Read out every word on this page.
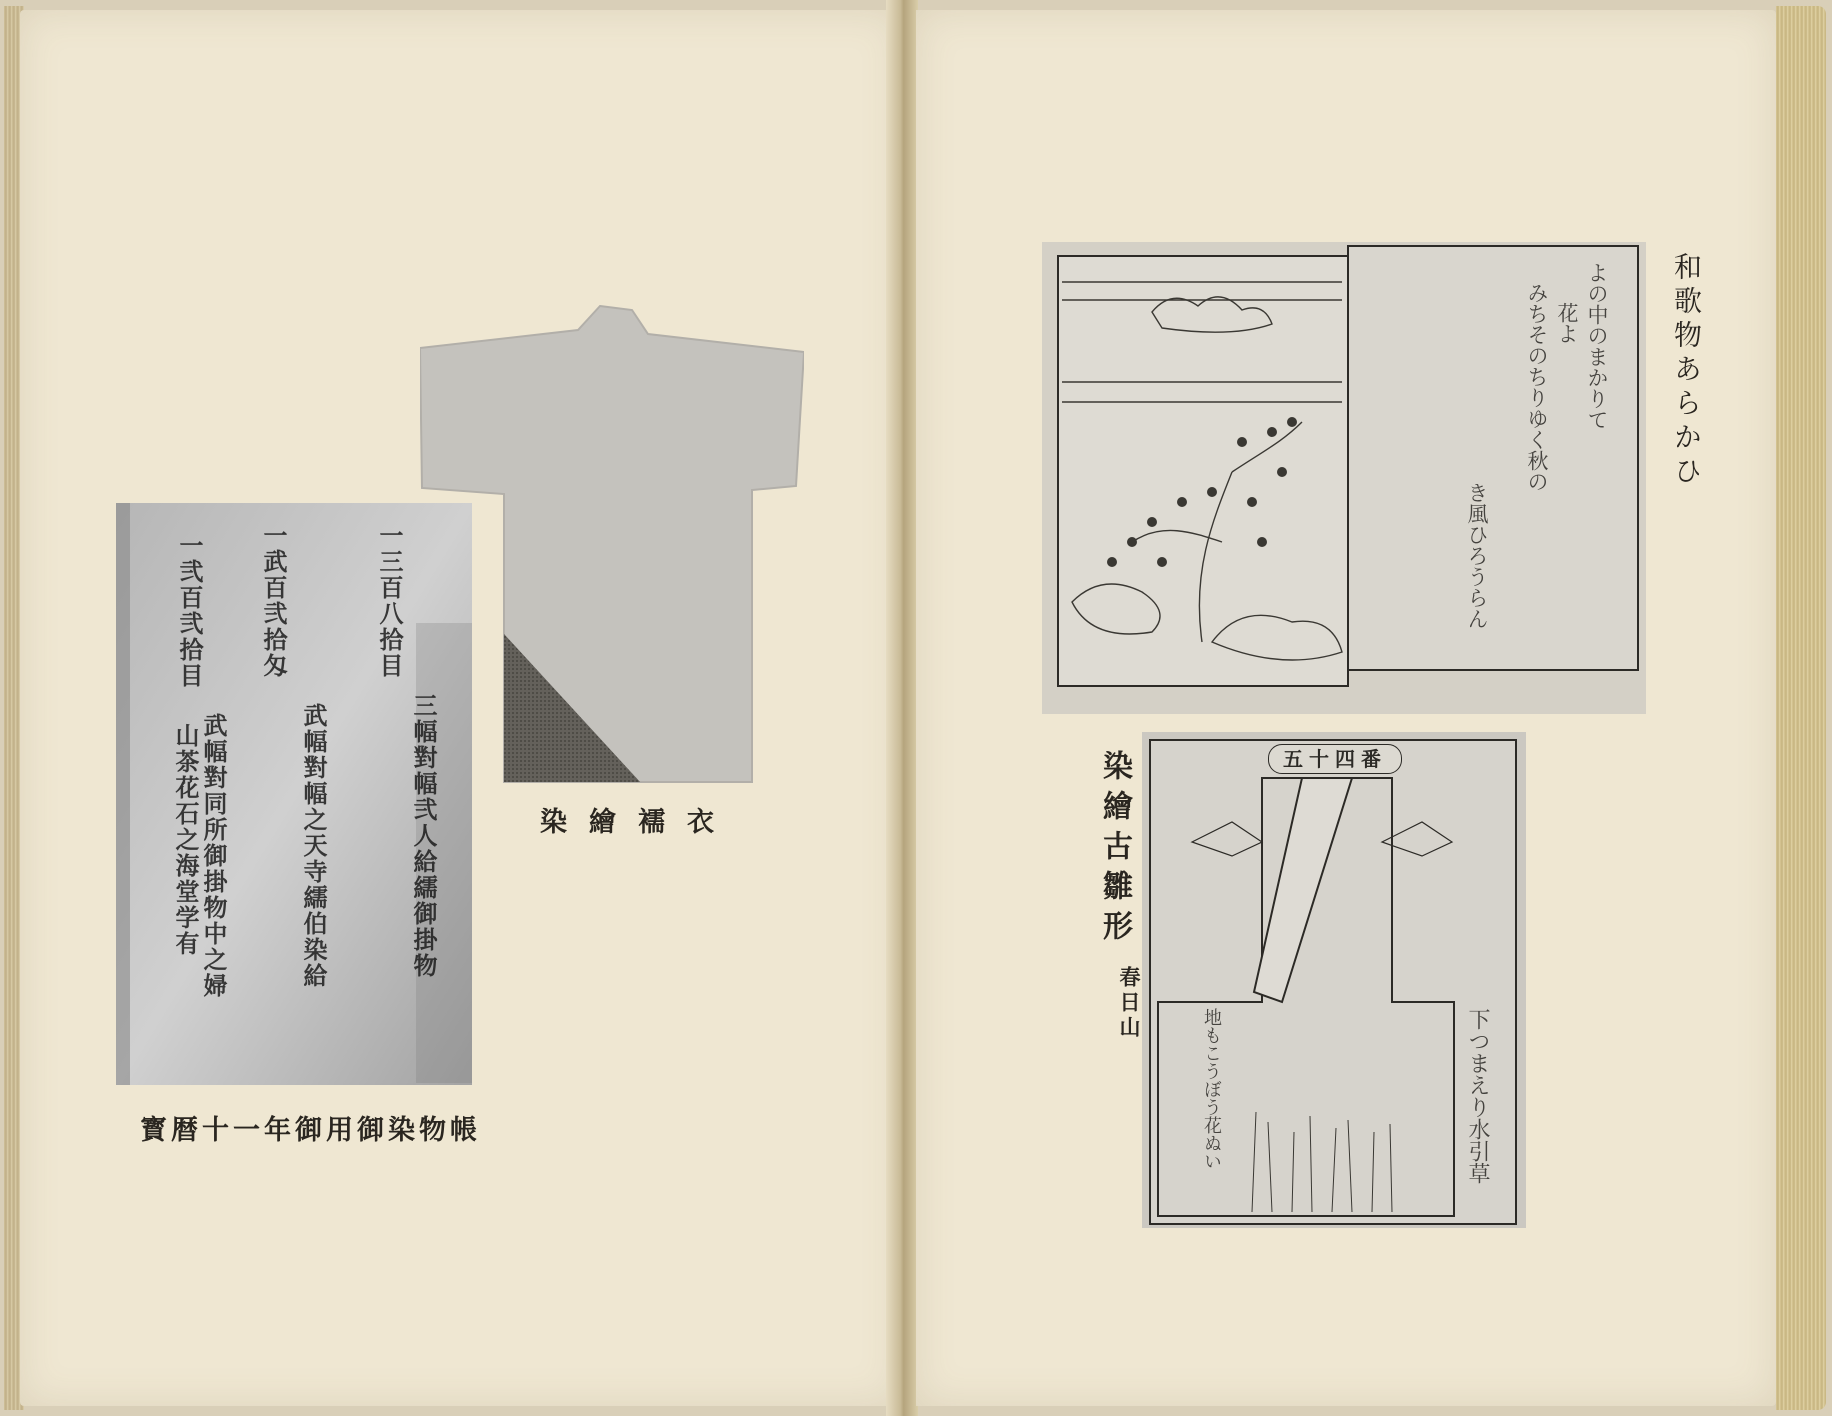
一三百八拾目
一武百弐拾匁
一弐百弐拾目
三幅對幅弐人給繻御掛物
武幅對幅之天寺繻伯染給
武幅對同所御掛物中之婦
山茶花石之海堂学有
寳暦十一年御用御染物帳
染繪襦衣
よの中のまかりて
花よ
みちそのちりゆく秋の
き風ひろうらん
和歌物あらかひ
五十四番
下つまえり水引草
地もこうぼう花ぬい
染繪古雛形
春日山
